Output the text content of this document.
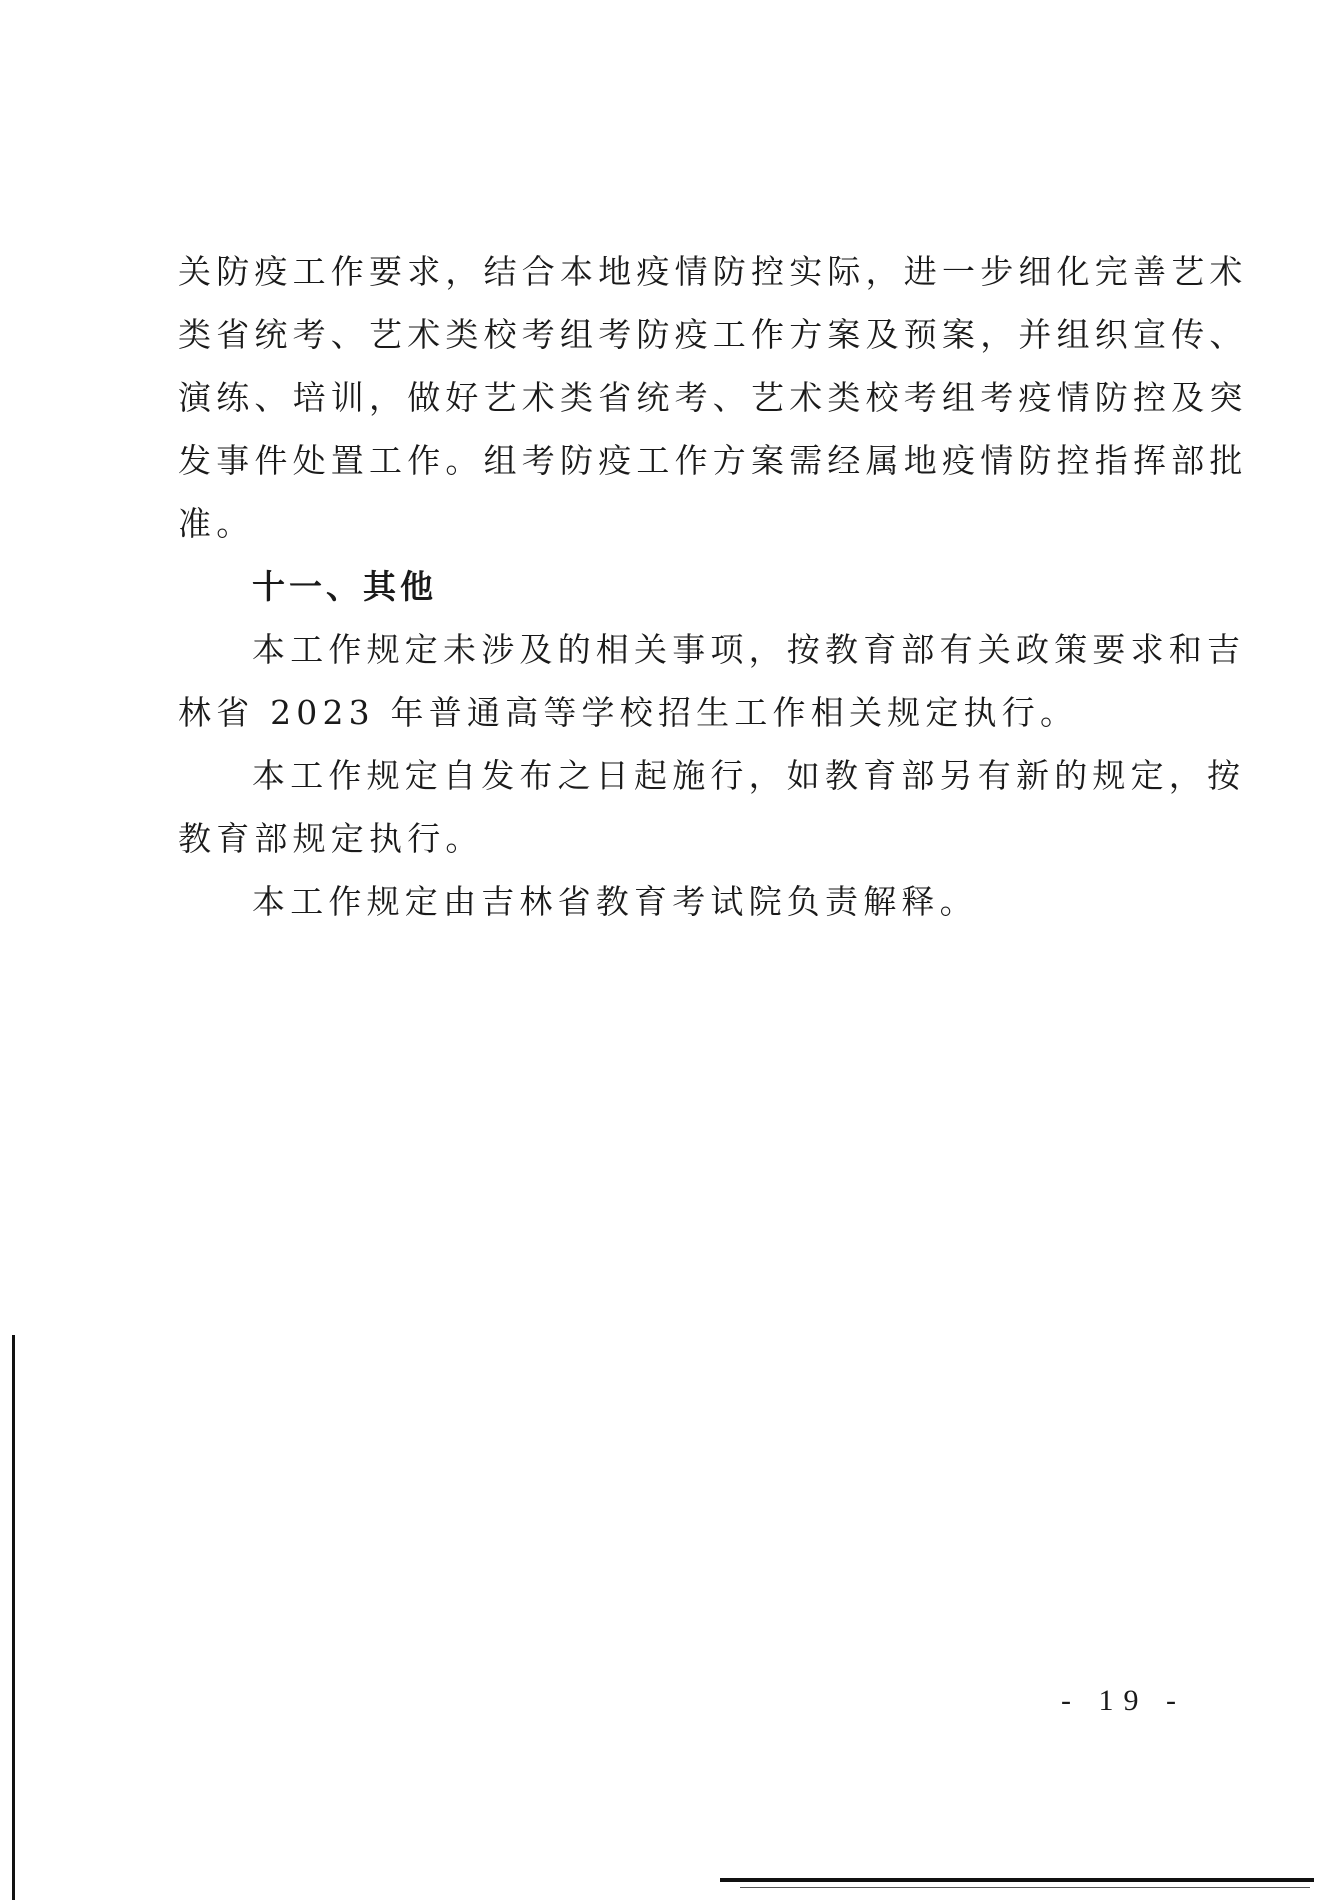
关防疫工作要求，结合本地疫情防控实际，进一步细化完善艺术
类省统考、艺术类校考组考防疫工作方案及预案，并组织宣传、
演练、培训，做好艺术类省统考、艺术类校考组考疫情防控及突
发事件处置工作。组考防疫工作方案需经属地疫情防控指挥部批
准。
十一、其他
本工作规定未涉及的相关事项，按教育部有关政策要求和吉
林省 2023 年普通高等学校招生工作相关规定执行。
本工作规定自发布之日起施行，如教育部另有新的规定，按
教育部规定执行。
本工作规定由吉林省教育考试院负责解释。
- 19 -
